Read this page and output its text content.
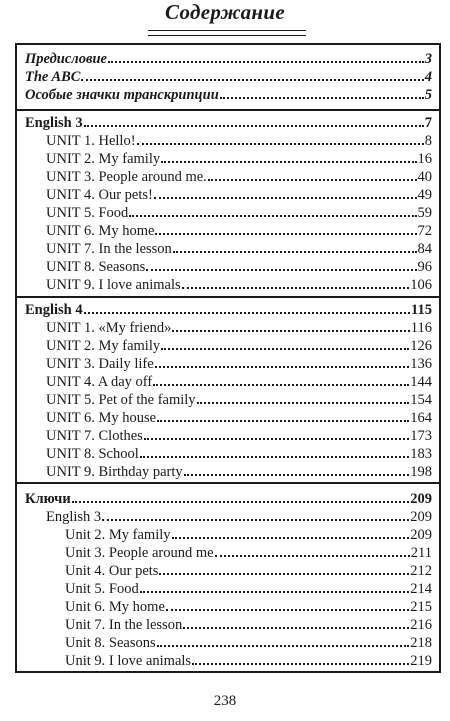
Содержание
Предисловие	3
The ABC	4
Особые значки транскрипции	5
English 3	7
UNIT 1. Hello!	8
UNIT 2. My family	16
UNIT 3. People around me.	40
UNIT 4. Our pets!	49
UNIT 5. Food	59
UNIT 6. My home	72
UNIT 7. In the lesson	84
UNIT 8. Seasons	96
UNIT 9. I love animals	106
English 4	115
UNIT 1. «My friend»	116
UNIT 2. My family	126
UNIT 3. Daily life	136
UNIT 4. A day off	144
UNIT 5. Pet of the family	154
UNIT 6. My house	164
UNIT 7. Clothes	173
UNIT 8. School	183
UNIT 9. Birthday party	198
Ключи	209
English 3	209
Unit 2. My family	209
Unit 3. People around me	211
Unit 4. Our pets	212
Unit 5. Food	214
Unit 6. My home	215
Unit 7. In the lesson	216
Unit 8. Seasons	218
Unit 9. I love animals	219
238
